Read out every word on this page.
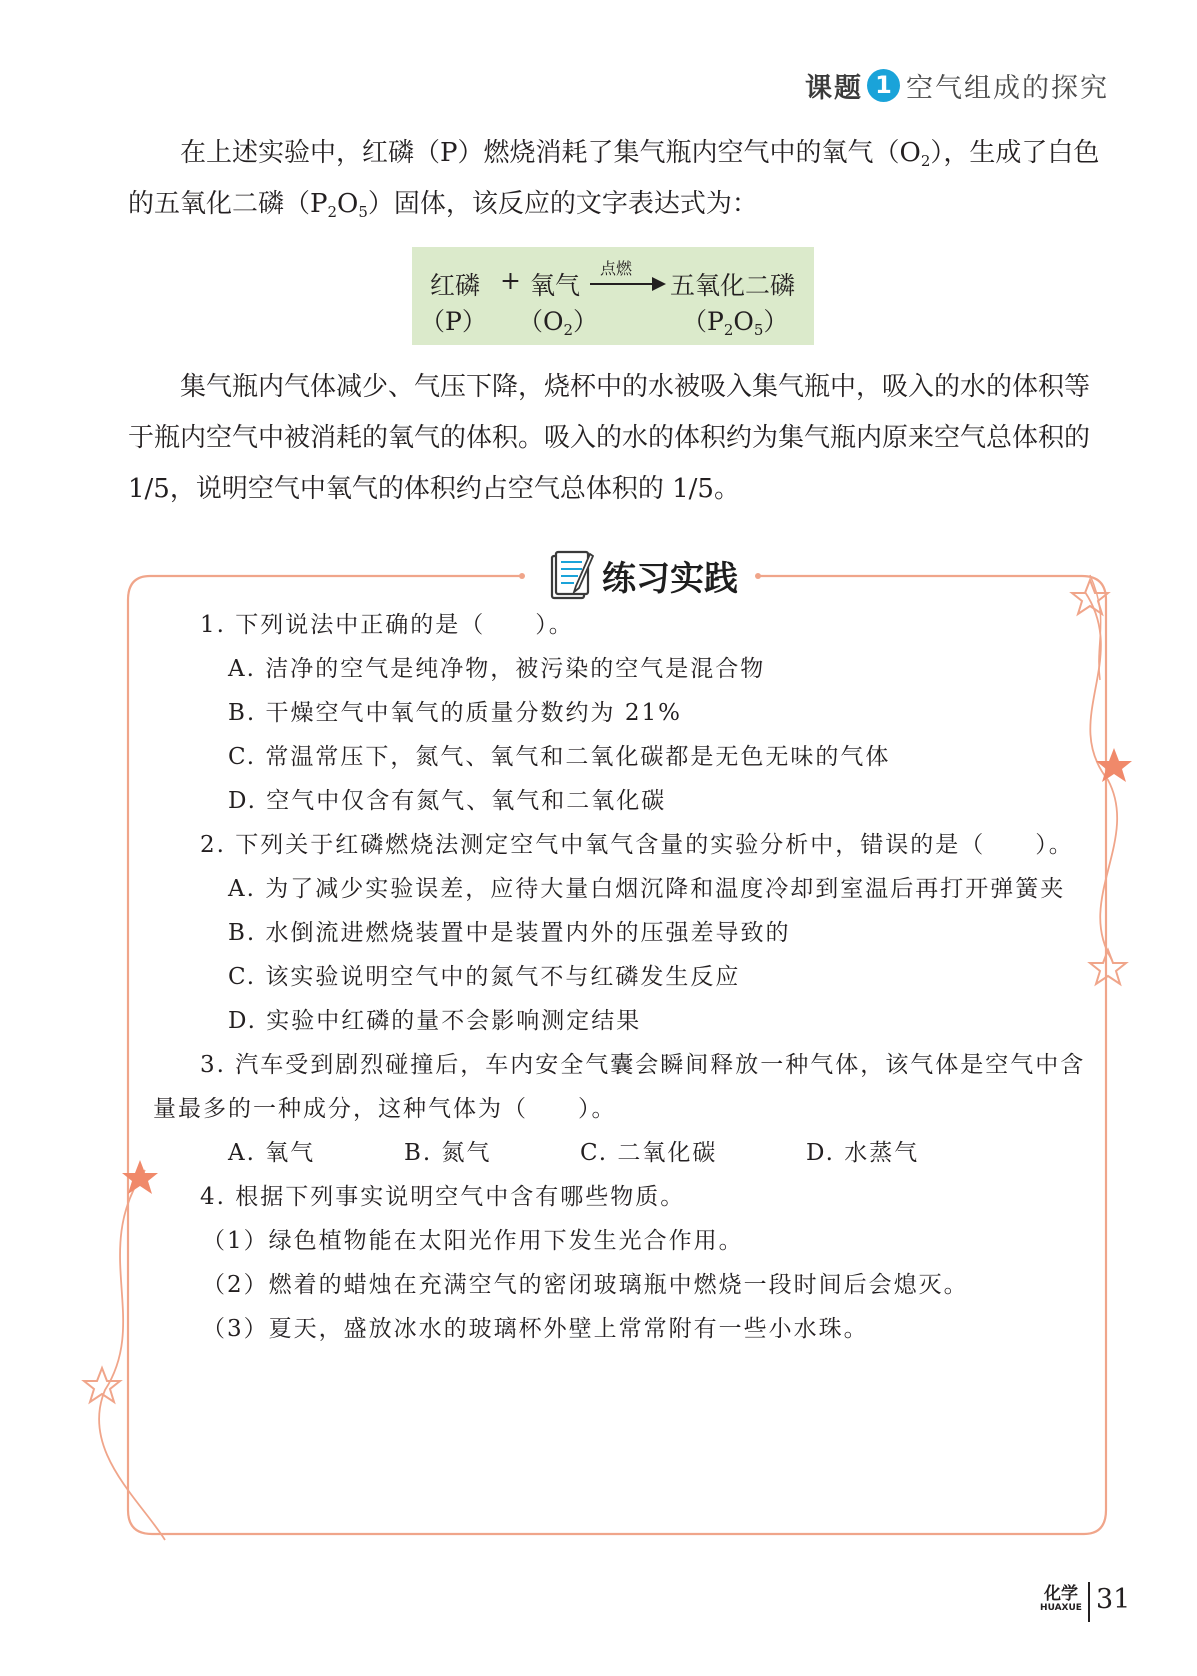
课题 1 空气组成的探究
在上述实验中，红磷（P）燃烧消耗了集气瓶内空气中的氧气$(O_2)$，生成了白色的五氧化二磷$(P_2O_5)$固体，该反应的文字表达式为：
红磷 + 氧气
点燃
五氧化二磷
（P） $(O_2)$	$(P_2O_5)$
集气瓶内气体减少、气压下降，烧杯中的水被吸入集气瓶中，吸入的水的体积等于瓶内空气中被消耗的氧气的体积。吸入的水的体积约为集气瓶内原来空气总体积的 1/5，说明空气中氧气的体积约占空气总体积的 1/5。
练习实践
1. 下列说法中正确的是（　　）。
A. 洁净的空气是纯净物，被污染的空气是混合物
B. 干燥空气中氧气的质量分数约为 21%
C. 常温常压下，氮气、氧气和二氧化碳都是无色无味的气体
D. 空气中仅含有氮气、氧气和二氧化碳
2. 下列关于红磷燃烧法测定空气中氧气含量的实验分析中，错误的是（　　）。
A. 为了减少实验误差，应待大量白烟沉降和温度冷却到室温后再打开弹簧夹
B. 水倒流进燃烧装置中是装置内外的压强差导致的
C. 该实验说明空气中的氮气不与红磷发生反应
D. 实验中红磷的量不会影响测定结果
3. 汽车受到剧烈碰撞后，车内安全气囊会瞬间释放一种气体，该气体是空气中含
量最多的一种成分，这种气体为（　　）。
A. 氧气	B. 氮气	C. 二氧化碳	D. 水蒸气
4. 根据下列事实说明空气中含有哪些物质。
（1）绿色植物能在太阳光作用下发生光合作用。
（2）燃着的蜡烛在充满空气的密闭玻璃瓶中燃烧一段时间后会熄灭。
（3）夏天，盛放冰水的玻璃杯外壁上常常附有一些小水珠。
化学
HUAXUE 31
